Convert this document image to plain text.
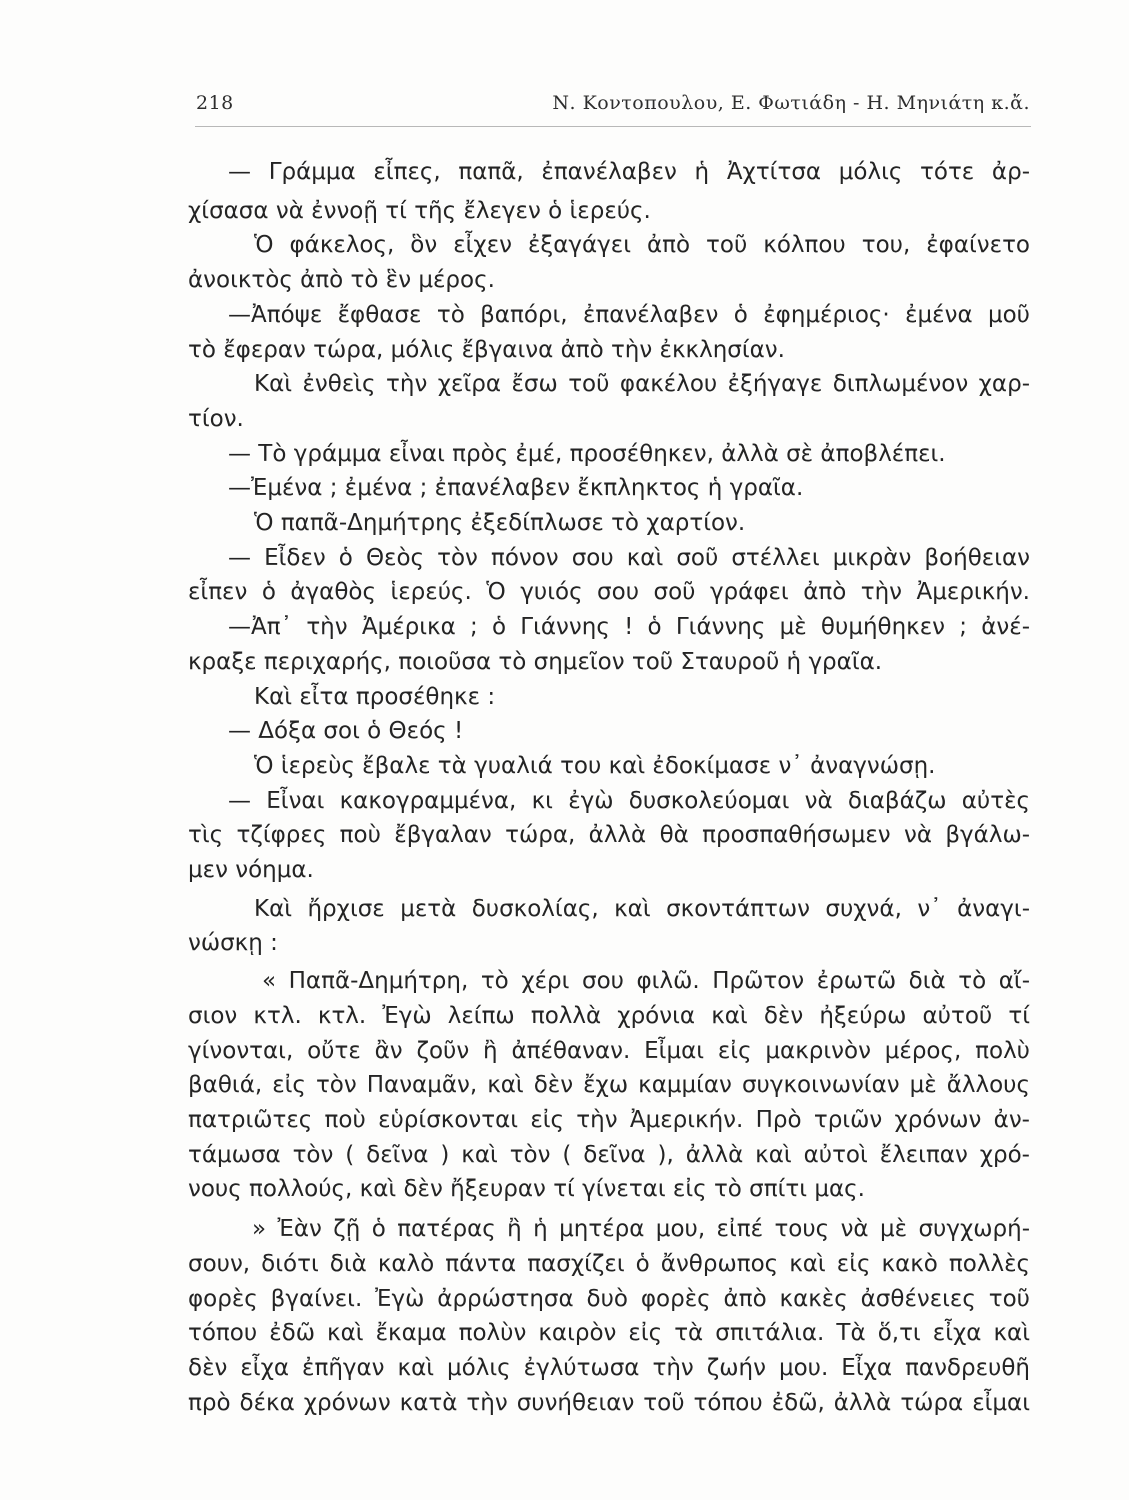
218	Ν. Κοντοπουλου, Ε. Φωτιάδη - Η. Μηνιάτη κ.ἄ.
— Γράμμα εἶπες, παπᾶ, ἐπανέλαβεν ἡ Ἀχτίτσα μόλις τότε ἀρ-
χίσασα νὰ ἐννοῇ τί τῆς ἔλεγεν ὁ ἱερεύς.
Ὁ φάκελος, ὃν εἶχεν ἐξαγάγει ἀπὸ τοῦ κόλπου του, ἐφαίνετο
ἀνοικτὸς ἀπὸ τὸ ἓν μέρος.
—Ἀπόψε ἔφθασε τὸ βαπόρι, ἐπανέλαβεν ὁ ἐφημέριος· ἐμένα μοῦ
τὸ ἔφεραν τώρα, μόλις ἔβγαινα ἀπὸ τὴν ἐκκλησίαν.
Καὶ ἐνθεὶς τὴν χεῖρα ἔσω τοῦ φακέλου ἐξήγαγε διπλωμένον χαρ-
τίον.
— Τὸ γράμμα εἶναι πρὸς ἐμέ, προσέθηκεν, ἀλλὰ σὲ ἀποβλέπει.
—Ἐμένα ; ἐμένα ; ἐπανέλαβεν ἔκπληκτος ἡ γραῖα.
Ὁ παπᾶ-Δημήτρης ἐξεδίπλωσε τὸ χαρτίον.
— Εἶδεν ὁ Θεὸς τὸν πόνον σου καὶ σοῦ στέλλει μικρὰν βοήθειαν
εἶπεν ὁ ἀγαθὸς ἱερεύς. Ὁ γυιός σου σοῦ γράφει ἀπὸ τὴν Ἀμερικήν.
—Ἀπ᾿ τὴν Ἀμέρικα ; ὁ Γιάννης ! ὁ Γιάννης μὲ θυμήθηκεν ; ἀνέ-
κραξε περιχαρής, ποιοῦσα τὸ σημεῖον τοῦ Σταυροῦ ἡ γραῖα.
Καὶ εἶτα προσέθηκε :
— Δόξα σοι ὁ Θεός !
Ὁ ἱερεὺς ἔβαλε τὰ γυαλιά του καὶ ἐδοκίμασε ν᾿ ἀναγνώσῃ.
— Εἶναι κακογραμμένα, κι ἐγὼ δυσκολεύομαι νὰ διαβάζω αὐτὲς
τὶς τζίφρες ποὺ ἔβγαλαν τώρα, ἀλλὰ θὰ προσπαθήσωμεν νὰ βγάλω-
μεν νόημα.
Καὶ ἤρχισε μετὰ δυσκολίας, καὶ σκοντάπτων συχνά, ν᾿ ἀναγι-
νώσκῃ :
« Παπᾶ-Δημήτρη, τὸ χέρι σου φιλῶ. Πρῶτον ἐρωτῶ διὰ τὸ αἴ-
σιον κτλ. κτλ. Ἐγὼ λείπω πολλὰ χρόνια καὶ δὲν ἠξεύρω αὐτοῦ τί
γίνονται, οὔτε ἂν ζοῦν ἢ ἀπέθαναν. Εἶμαι εἰς μακρινὸν μέρος, πολὺ
βαθιά, εἰς τὸν Παναμᾶν, καὶ δὲν ἔχω καμμίαν συγκοινωνίαν μὲ ἄλλους
πατριῶτες ποὺ εὑρίσκονται εἰς τὴν Ἀμερικήν. Πρὸ τριῶν χρόνων ἀν-
τάμωσα τὸν ( δεῖνα ) καὶ τὸν ( δεῖνα ), ἀλλὰ καὶ αὐτοὶ ἔλειπαν χρό-
νους πολλούς, καὶ δὲν ἤξευραν τί γίνεται εἰς τὸ σπίτι μας.
» Ἐὰν ζῇ ὁ πατέρας ἢ ἡ μητέρα μου, εἰπέ τους νὰ μὲ συγχωρή-
σουν, διότι διὰ καλὸ πάντα πασχίζει ὁ ἄνθρωπος καὶ εἰς κακὸ πολλὲς
φορὲς βγαίνει. Ἐγὼ ἀρρώστησα δυὸ φορὲς ἀπὸ κακὲς ἀσθένειες τοῦ
τόπου ἐδῶ καὶ ἔκαμα πολὺν καιρὸν εἰς τὰ σπιτάλια. Τὰ ὅ,τι εἶχα καὶ
δὲν εἶχα ἐπῆγαν καὶ μόλις ἐγλύτωσα τὴν ζωήν μου. Εἶχα πανδρευθῆ
πρὸ δέκα χρόνων κατὰ τὴν συνήθειαν τοῦ τόπου ἐδῶ, ἀλλὰ τώρα εἶμαι
